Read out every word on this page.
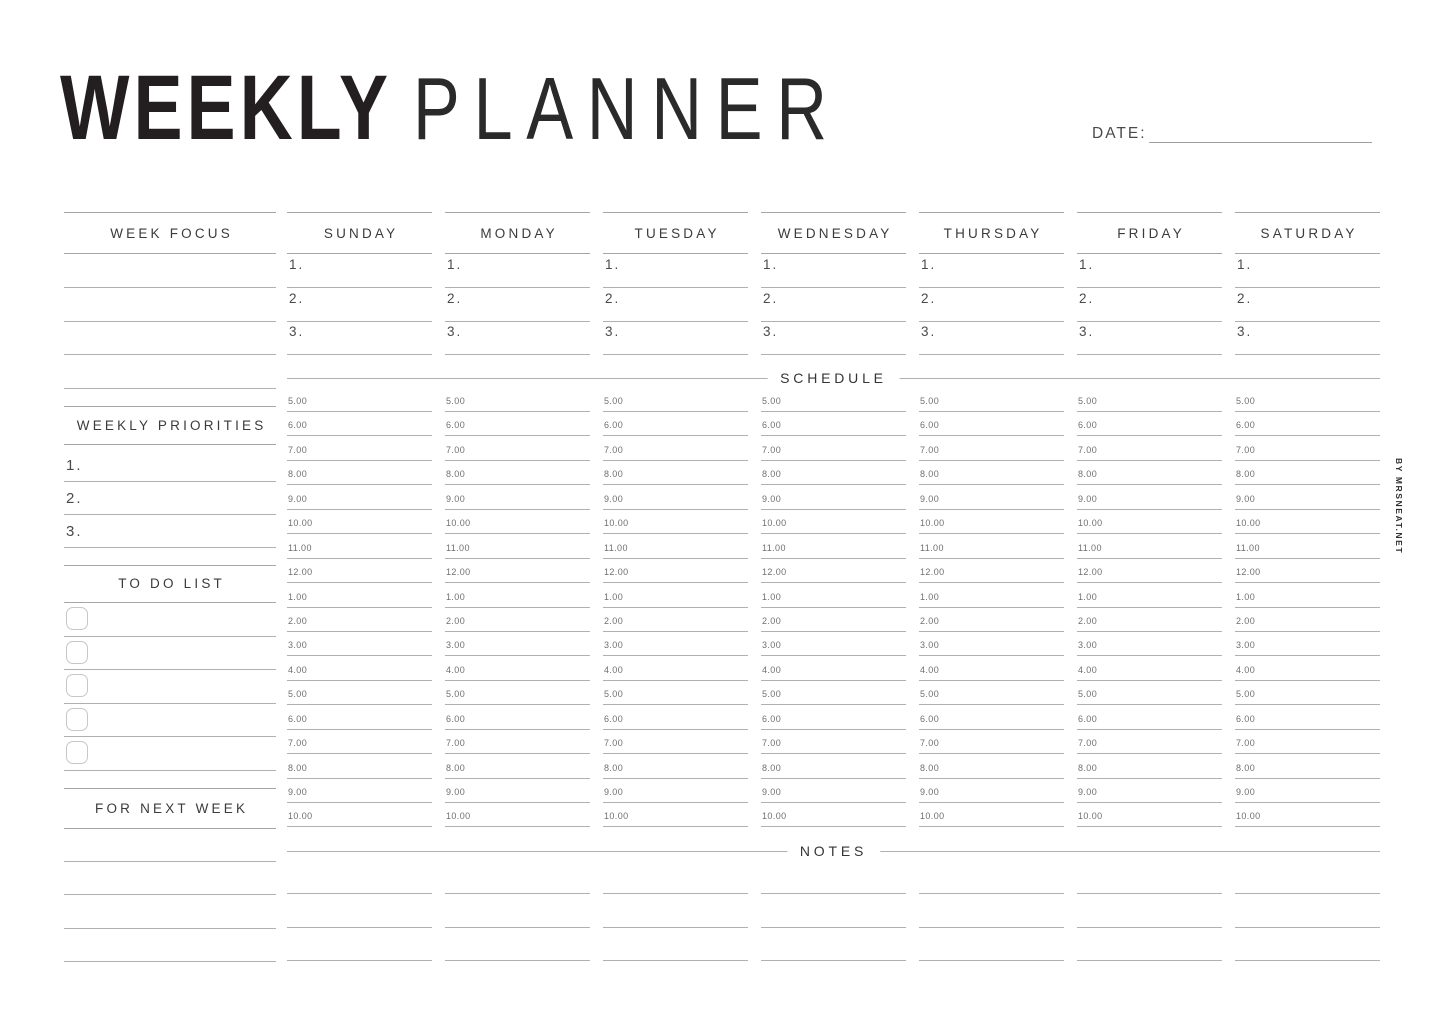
WEEKLY PLANNER	DATE:
BY MRSNEAT.NET
WEEK FOCUS
WEEKLY PRIORITIES
TO DO LIST
FOR NEXT WEEK
1.
2.
3.
SUNDAY
1.
2.
3.
5.00
6.00
7.00
8.00
9.00
10.00
11.00
12.00
1.00
2.00
3.00
4.00
5.00
6.00
7.00
8.00
9.00
10.00
MONDAY
1.
2.
3.
5.00
6.00
7.00
8.00
9.00
10.00
11.00
12.00
1.00
2.00
3.00
4.00
5.00
6.00
7.00
8.00
9.00
10.00
TUESDAY
1.
2.
3.
5.00
6.00
7.00
8.00
9.00
10.00
11.00
12.00
1.00
2.00
3.00
4.00
5.00
6.00
7.00
8.00
9.00
10.00
WEDNESDAY
1.
2.
3.
5.00
6.00
7.00
8.00
9.00
10.00
11.00
12.00
1.00
2.00
3.00
4.00
5.00
6.00
7.00
8.00
9.00
10.00
THURSDAY
1.
2.
3.
5.00
6.00
7.00
8.00
9.00
10.00
11.00
12.00
1.00
2.00
3.00
4.00
5.00
6.00
7.00
8.00
9.00
10.00
FRIDAY
1.
2.
3.
5.00
6.00
7.00
8.00
9.00
10.00
11.00
12.00
1.00
2.00
3.00
4.00
5.00
6.00
7.00
8.00
9.00
10.00
SATURDAY
1.
2.
3.
5.00
6.00
7.00
8.00
9.00
10.00
11.00
12.00
1.00
2.00
3.00
4.00
5.00
6.00
7.00
8.00
9.00
10.00
SCHEDULE
NOTES
